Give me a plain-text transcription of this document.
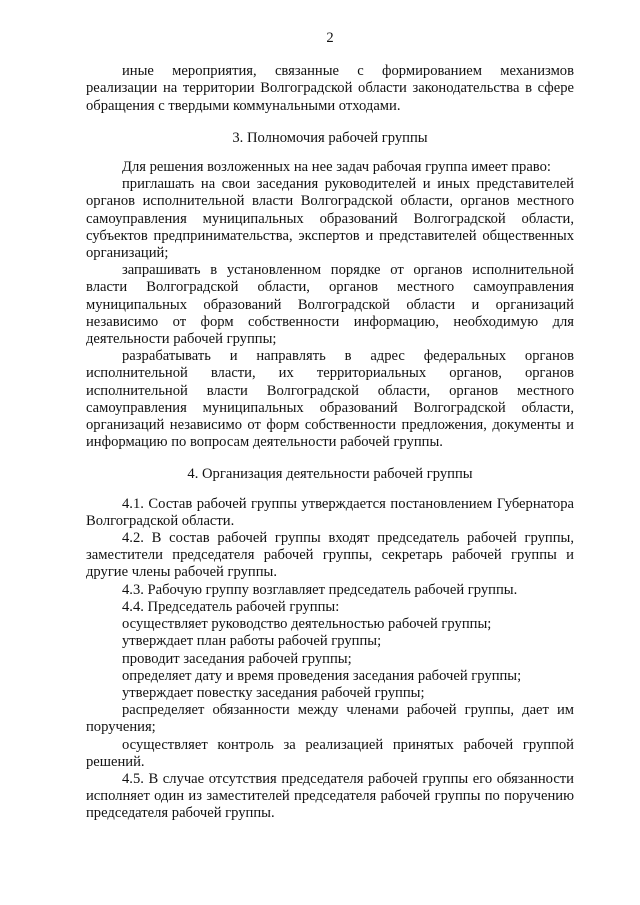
2

иные мероприятия, связанные с формированием механизмов реализации на территории Волгоградской области законодательства в сфере обращения с твердыми коммунальными отходами.

3. Полномочия рабочей группы

Для решения возложенных на нее задач рабочая группа имеет право:

приглашать на свои заседания руководителей и иных представителей органов исполнительной власти Волгоградской области, органов местного самоуправления муниципальных образований Волгоградской области, субъектов предпринимательства, экспертов и представителей общественных организаций;

запрашивать в установленном порядке от органов исполнительной власти Волгоградской области, органов местного самоуправления муниципальных образований Волгоградской области и организаций независимо от форм собственности информацию, необходимую для деятельности рабочей группы;

разрабатывать и направлять в адрес федеральных органов исполнительной власти, их территориальных органов, органов исполнительной власти Волгоградской области, органов местного самоуправления муниципальных образований Волгоградской области, организаций независимо от форм собственности предложения, документы и информацию по вопросам деятельности рабочей группы.

4. Организация деятельности рабочей группы

4.1. Состав рабочей группы утверждается постановлением Губернатора Волгоградской области.

4.2. В состав рабочей группы входят председатель рабочей группы, заместители председателя рабочей группы, секретарь рабочей группы и другие члены рабочей группы.

4.3. Рабочую группу возглавляет председатель рабочей группы.

4.4. Председатель рабочей группы:

осуществляет руководство деятельностью рабочей группы;

утверждает план работы рабочей группы;

проводит заседания рабочей группы;

определяет дату и время проведения заседания рабочей группы;

утверждает повестку заседания рабочей группы;

распределяет обязанности между членами рабочей группы, дает им поручения;

осуществляет контроль за реализацией принятых рабочей группой решений.

4.5. В случае отсутствия председателя рабочей группы его обязанности исполняет один из заместителей председателя рабочей группы по поручению председателя рабочей группы.
